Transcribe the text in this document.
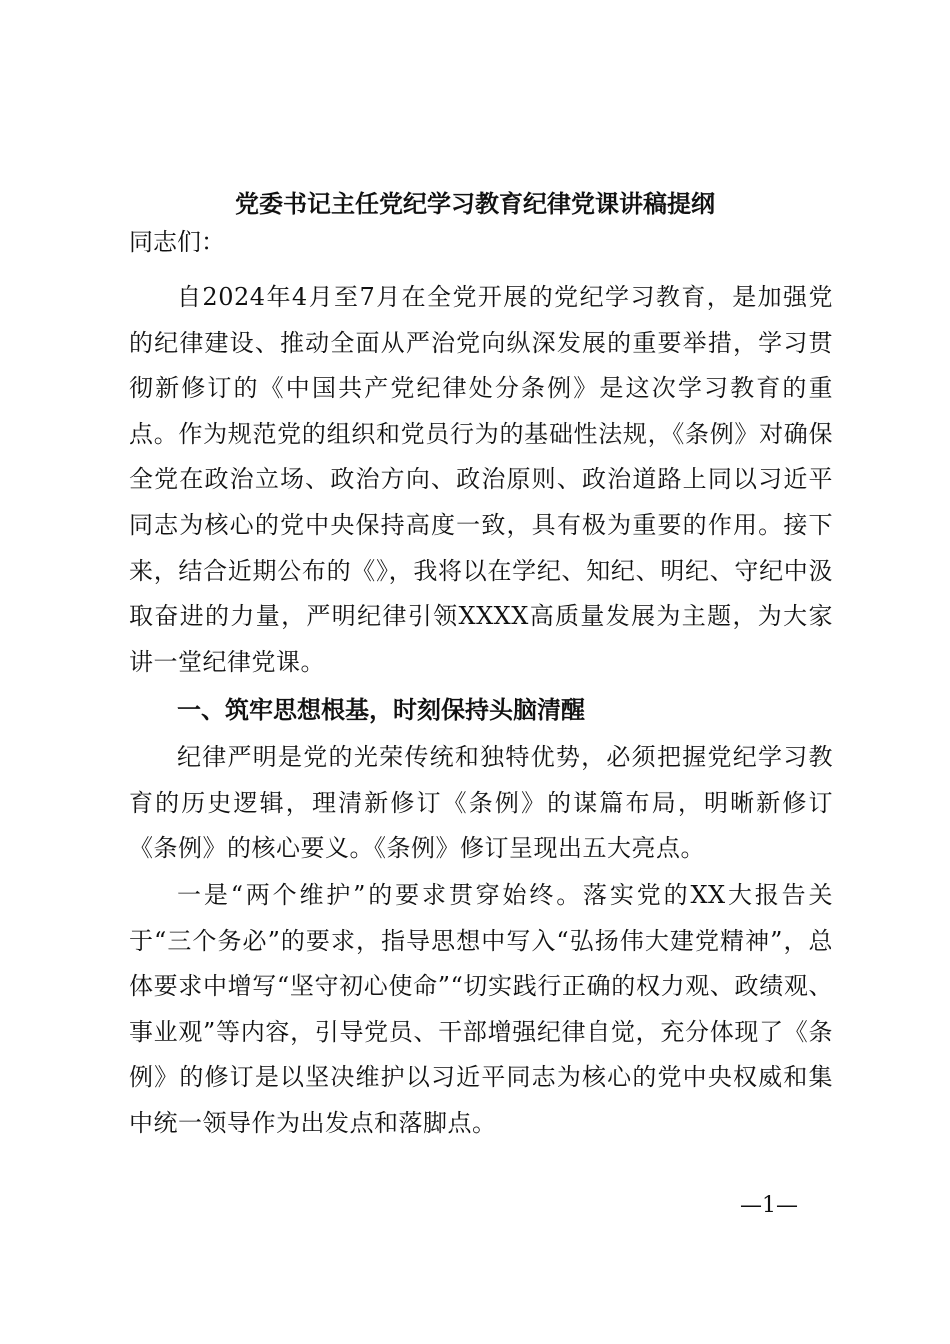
党委书记主任党纪学习教育纪律党课讲稿提纲
同志们：

自2024年4月至7月在全党开展的党纪学习教育，是加强党的纪律建设、推动全面从严治党向纵深发展的重要举措，学习贯彻新修订的《中国共产党纪律处分条例》是这次学习教育的重点。作为规范党的组织和党员行为的基础性法规，《条例》对确保全党在政治立场、政治方向、政治原则、政治道路上同以习近平同志为核心的党中央保持高度一致，具有极为重要的作用。接下来，结合近期公布的《》，我将以在学纪、知纪、明纪、守纪中汲取奋进的力量，严明纪律引领XXXX高质量发展为主题，为大家讲一堂纪律党课。

一、筑牢思想根基，时刻保持头脑清醒

纪律严明是党的光荣传统和独特优势，必须把握党纪学习教育的历史逻辑，理清新修订《条例》的谋篇布局，明晰新修订《条例》的核心要义。《条例》修订呈现出五大亮点。

一是“两个维护”的要求贯穿始终。落实党的XX大报告关于“三个务必”的要求，指导思想中写入“弘扬伟大建党精神”，总体要求中增写“坚守初心使命”“切实践行正确的权力观、政绩观、事业观”等内容，引导党员、干部增强纪律自觉，充分体现了《条例》的修订是以坚决维护以习近平同志为核心的党中央权威和集中统一领导作为出发点和落脚点。

—1—
